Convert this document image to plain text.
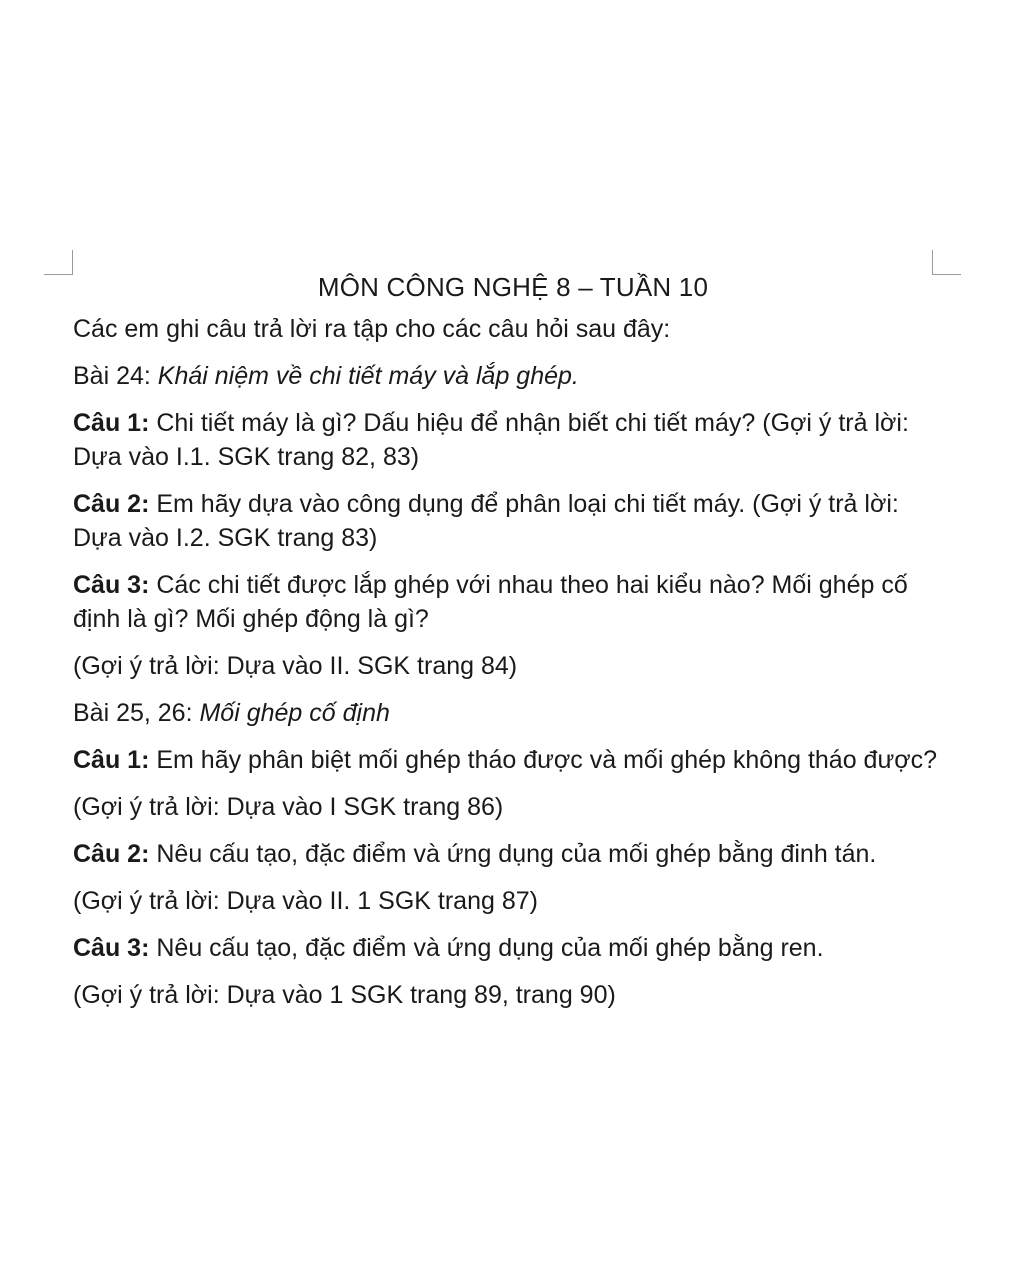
MÔN CÔNG NGHỆ 8 – TUẦN 10
Các em ghi câu trả lời ra tập cho các câu hỏi sau đây:
Bài 24: Khái niệm về chi tiết máy và lắp ghép.
Câu 1: Chi tiết máy là gì? Dấu hiệu để nhận biết chi tiết máy? (Gợi ý trả lời: Dựa vào I.1. SGK trang 82, 83)
Câu 2: Em hãy dựa vào công dụng để phân loại chi tiết máy. (Gợi ý trả lời: Dựa vào I.2. SGK trang 83)
Câu 3: Các chi tiết được lắp ghép với nhau theo hai kiểu nào? Mối ghép cố định là gì? Mối ghép động là gì?
(Gợi ý trả lời: Dựa vào II. SGK trang 84)
Bài 25, 26: Mối ghép cố định
Câu 1: Em hãy phân biệt mối ghép tháo được và mối ghép không tháo được?
(Gợi ý trả lời: Dựa vào I SGK trang 86)
Câu 2: Nêu cấu tạo, đặc điểm và ứng dụng của mối ghép bằng đinh tán.
(Gợi ý trả lời: Dựa vào II. 1 SGK trang 87)
Câu 3: Nêu cấu tạo, đặc điểm và ứng dụng của mối ghép bằng ren.
(Gợi ý trả lời: Dựa vào 1 SGK trang 89, trang 90)
